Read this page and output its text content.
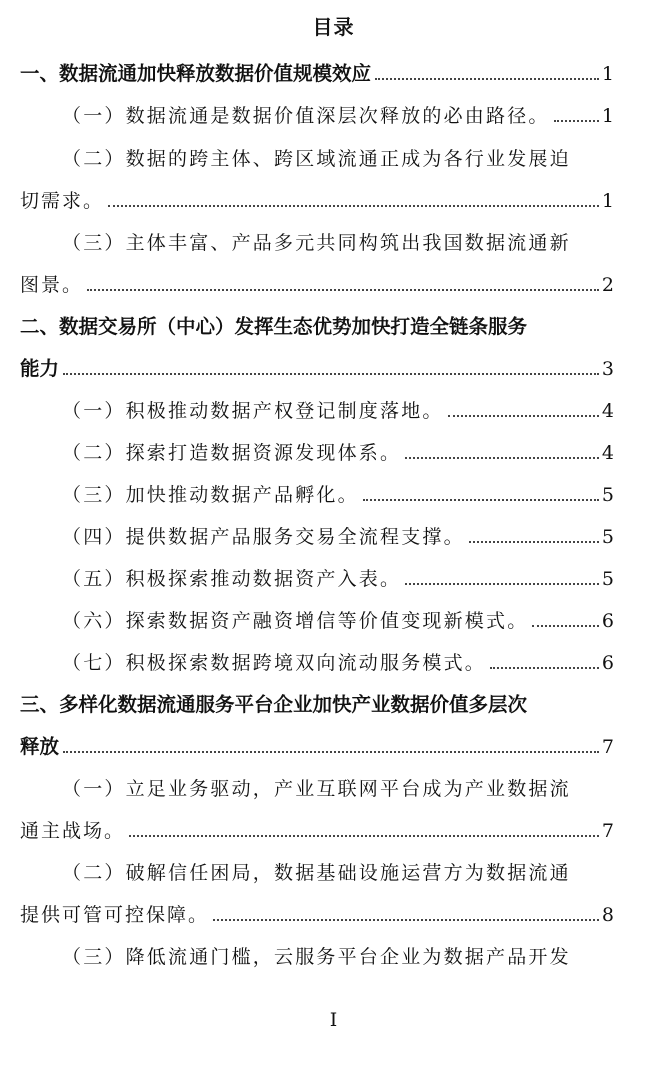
目录
一、数据流通加快释放数据价值规模效应	1
（一）数据流通是数据价值深层次释放的必由路径。	1
（二）数据的跨主体、跨区域流通正成为各行业发展迫
切需求。	1
（三）主体丰富、产品多元共同构筑出我国数据流通新
图景。	2
二、数据交易所（中心）发挥生态优势加快打造全链条服务
能力	3
（一）积极推动数据产权登记制度落地。	4
（二）探索打造数据资源发现体系。	4
（三）加快推动数据产品孵化。	5
（四）提供数据产品服务交易全流程支撑。	5
（五）积极探索推动数据资产入表。	5
（六）探索数据资产融资增信等价值变现新模式。	6
（七）积极探索数据跨境双向流动服务模式。	6
三、多样化数据流通服务平台企业加快产业数据价值多层次
释放	7
（一）立足业务驱动，产业互联网平台成为产业数据流
通主战场。	7
（二）破解信任困局，数据基础设施运营方为数据流通
提供可管可控保障。	8
（三）降低流通门槛，云服务平台企业为数据产品开发
I
